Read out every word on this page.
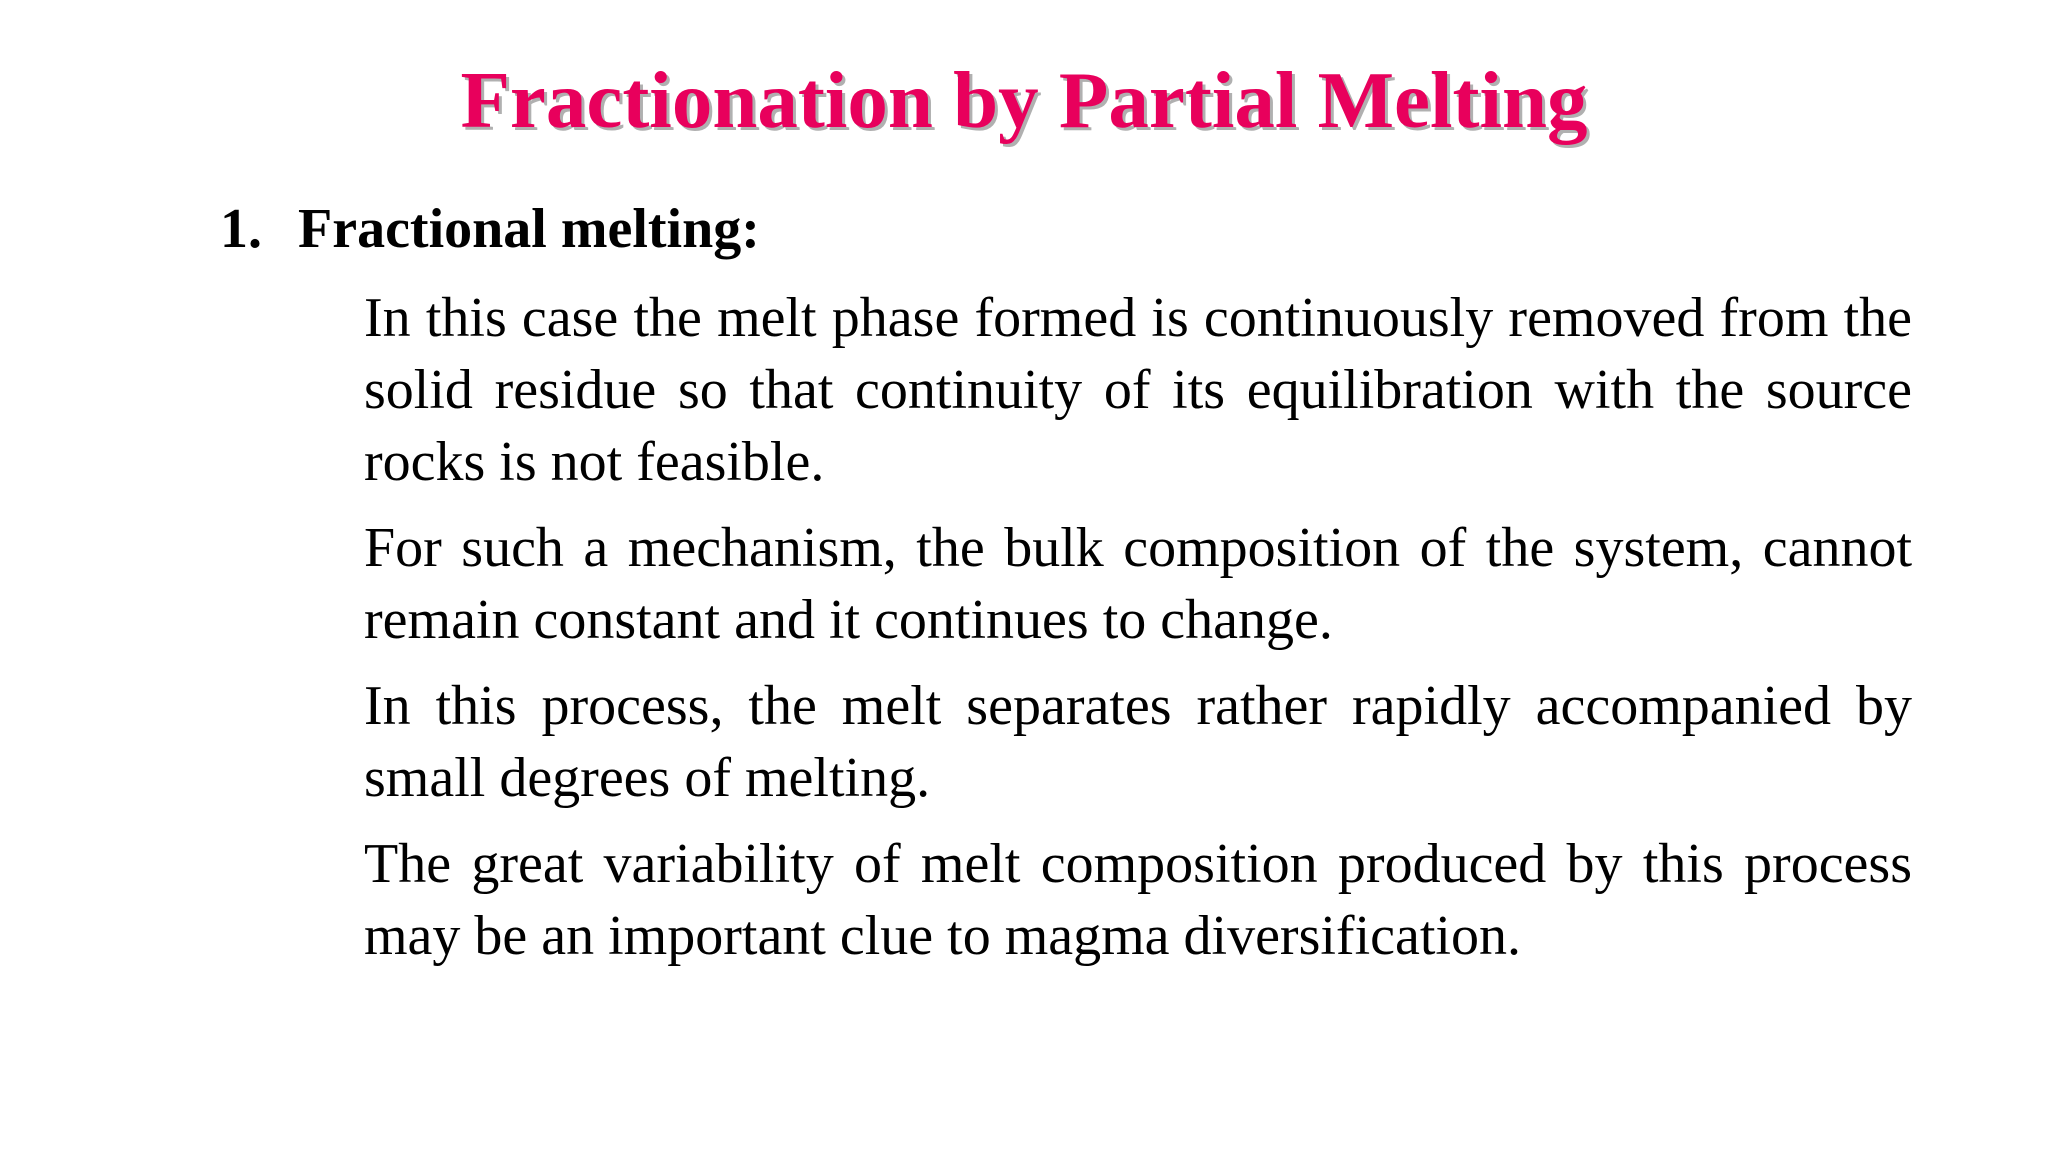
Fractionation by Partial Melting
1. Fractional melting:

In this case the melt phase formed is continuously removed from the solid residue so that continuity of its equilibration with the source rocks is not feasible.

For such a mechanism, the bulk composition of the system, cannot remain constant and it continues to change.

In this process, the melt separates rather rapidly accompanied by small degrees of melting.

The great variability of melt composition produced by this process may be an important clue to magma diversification.
